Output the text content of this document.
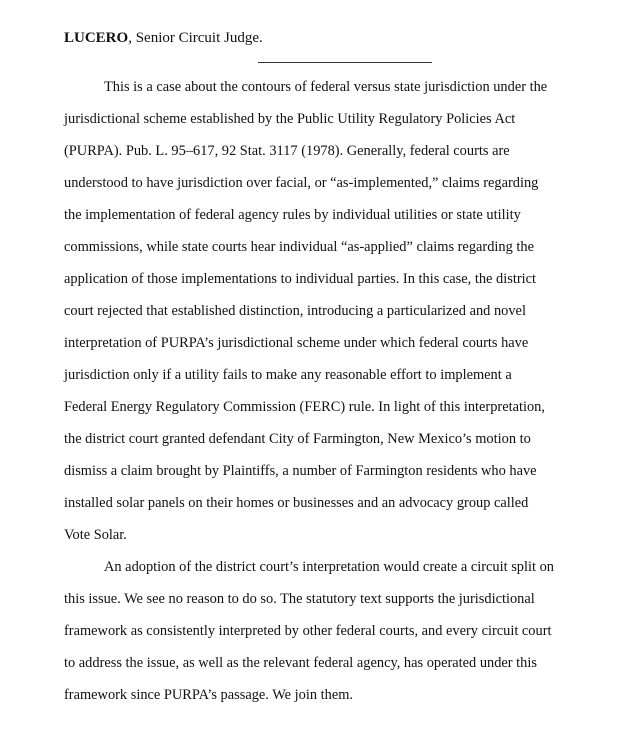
LUCERO, Senior Circuit Judge.
This is a case about the contours of federal versus state jurisdiction under the
jurisdictional scheme established by the Public Utility Regulatory Policies Act
(PURPA). Pub. L. 95–617, 92 Stat. 3117 (1978). Generally, federal courts are
understood to have jurisdiction over facial, or “as-implemented,” claims regarding
the implementation of federal agency rules by individual utilities or state utility
commissions, while state courts hear individual “as-applied” claims regarding the
application of those implementations to individual parties. In this case, the district
court rejected that established distinction, introducing a particularized and novel
interpretation of PURPA’s jurisdictional scheme under which federal courts have
jurisdiction only if a utility fails to make any reasonable effort to implement a
Federal Energy Regulatory Commission (FERC) rule. In light of this interpretation,
the district court granted defendant City of Farmington, New Mexico’s motion to
dismiss a claim brought by Plaintiffs, a number of Farmington residents who have
installed solar panels on their homes or businesses and an advocacy group called
Vote Solar.
An adoption of the district court’s interpretation would create a circuit split on
this issue. We see no reason to do so. The statutory text supports the jurisdictional
framework as consistently interpreted by other federal courts, and every circuit court
to address the issue, as well as the relevant federal agency, has operated under this
framework since PURPA’s passage. We join them.
